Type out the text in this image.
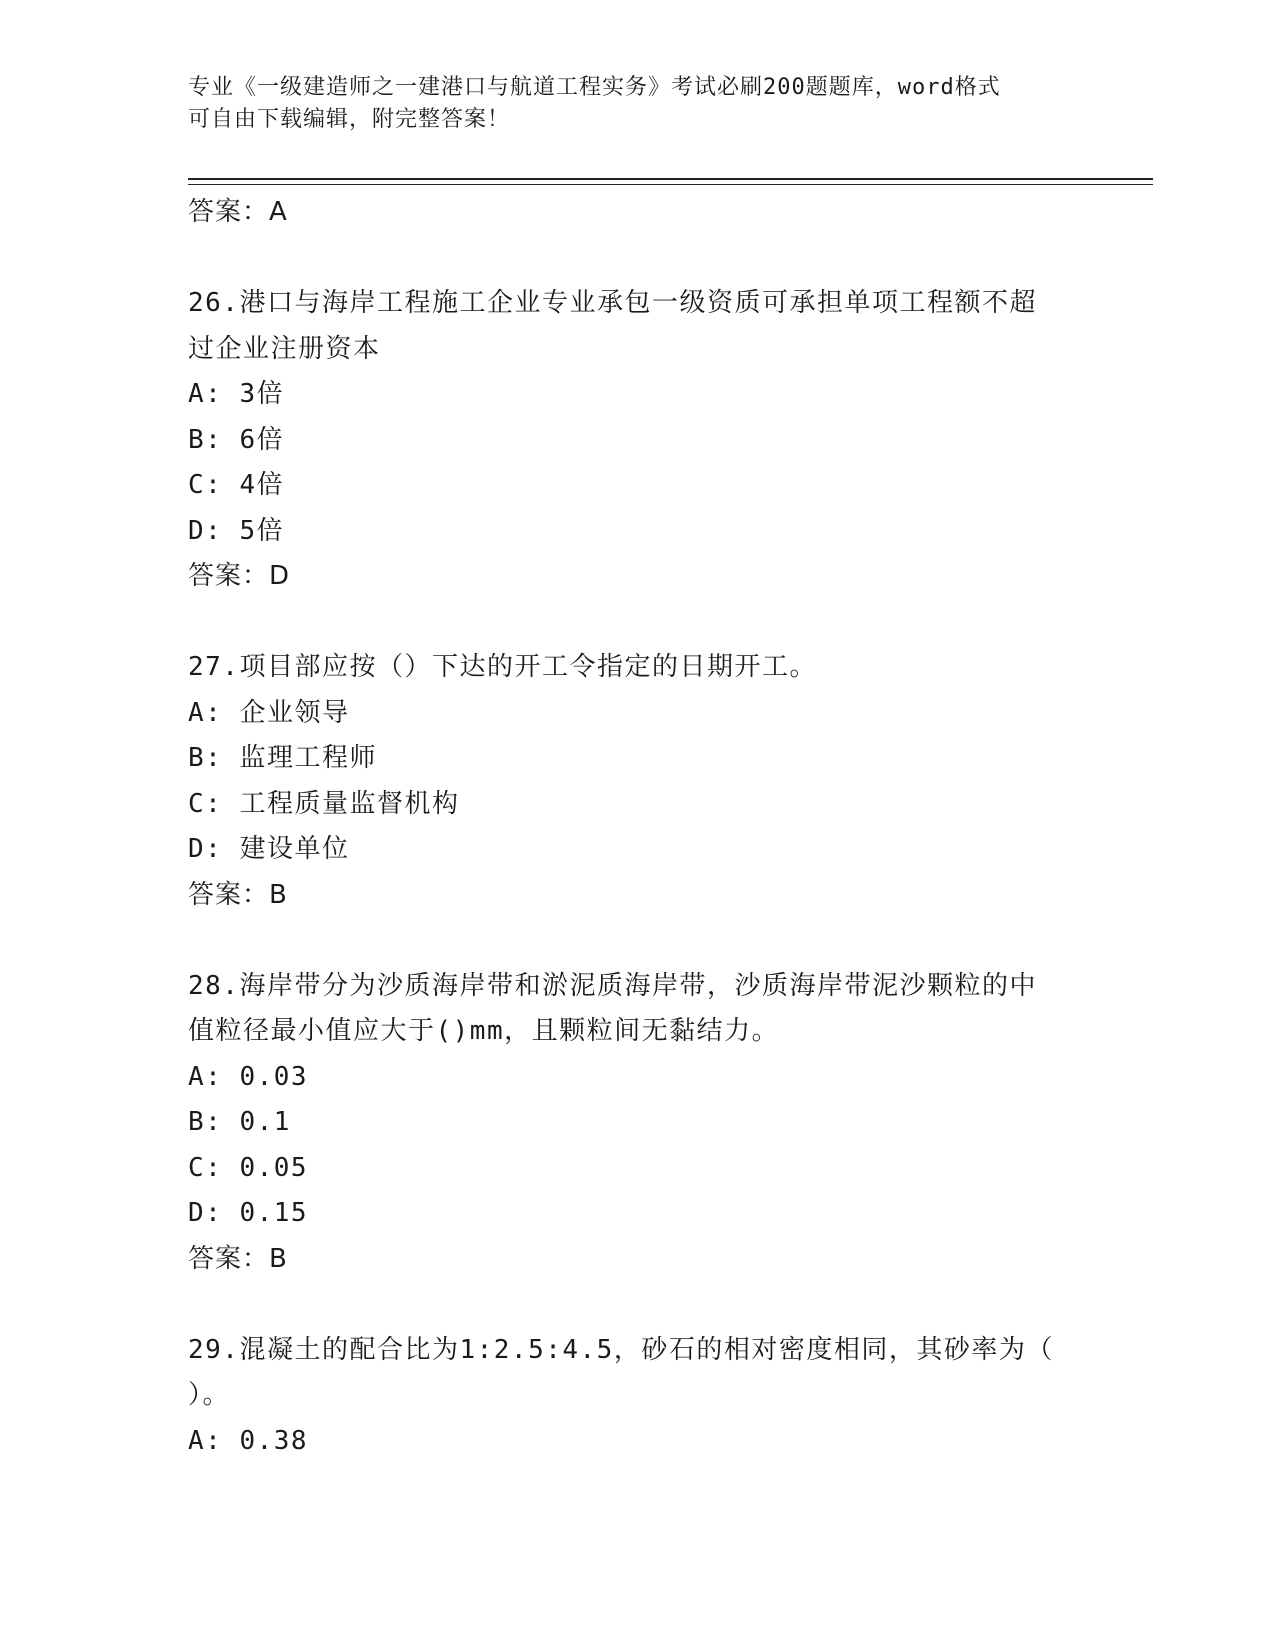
专业《一级建造师之一建港口与航道工程实务》考试必刷200题题库，word格式
可自由下载编辑，附完整答案！
答案：A
26.港口与海岸工程施工企业专业承包一级资质可承担单项工程额不超
过企业注册资本
A: 3倍
B: 6倍
C: 4倍
D: 5倍
答案：D
27.项目部应按（）下达的开工令指定的日期开工。
A: 企业领导
B: 监理工程师
C: 工程质量监督机构
D: 建设单位
答案：B
28.海岸带分为沙质海岸带和淤泥质海岸带，沙质海岸带泥沙颗粒的中
值粒径最小值应大于()mm，且颗粒间无黏结力。
A: 0.03
B: 0.1
C: 0.05
D: 0.15
答案：B
29.混凝土的配合比为1:2.5:4.5，砂石的相对密度相同，其砂率为（
）。
A: 0.38
